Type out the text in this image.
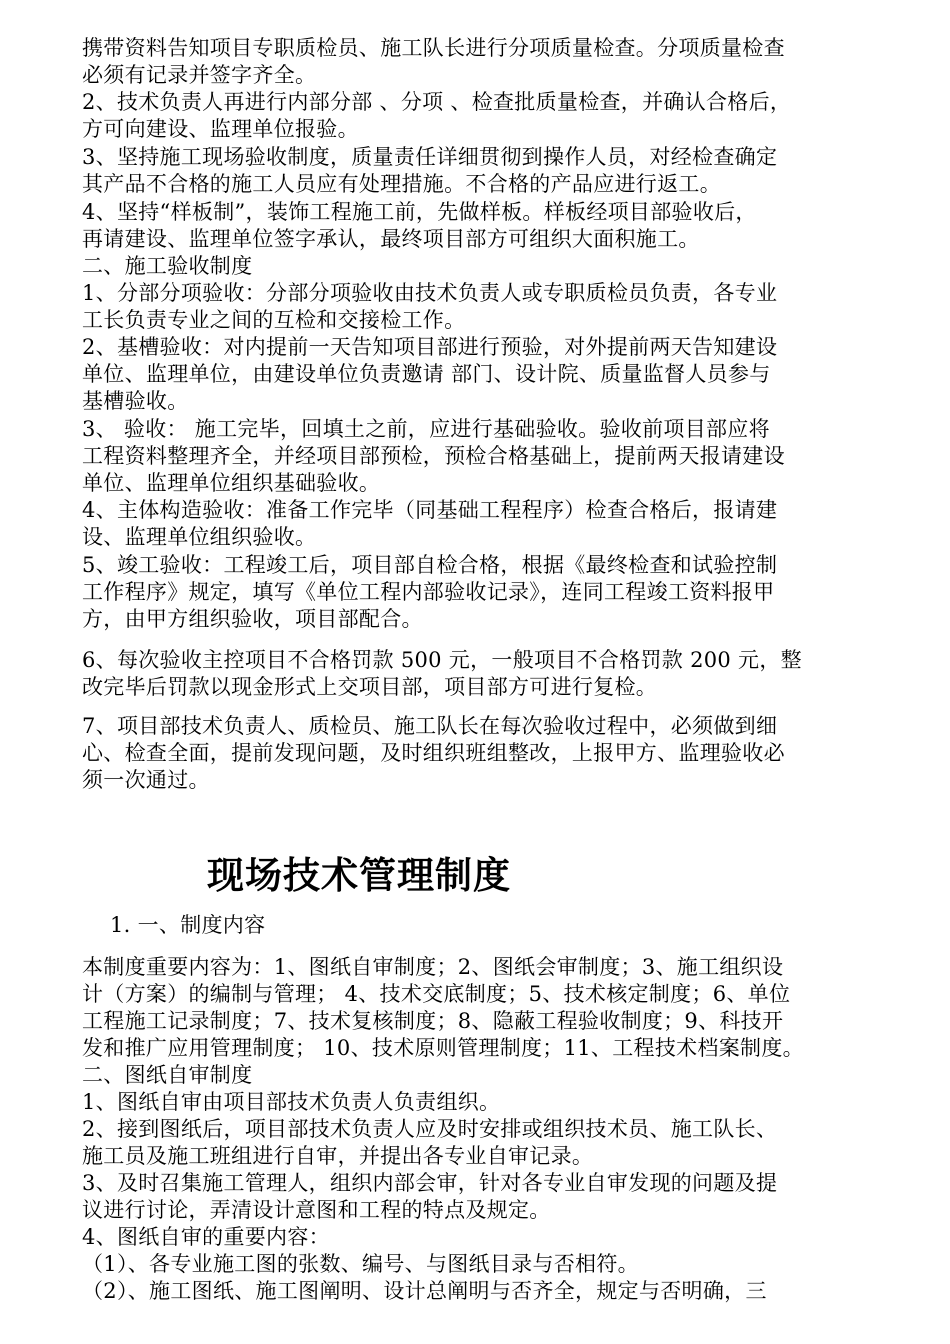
携带资料告知项目专职质检员、施工队长进行分项质量检查。分项质量检查
必须有记录并签字齐全。
2、技术负责人再进行内部分部 、分项 、检查批质量检查，并确认合格后，
方可向建设、监理单位报验。
3、坚持施工现场验收制度，质量责任详细贯彻到操作人员，对经检查确定
其产品不合格的施工人员应有处理措施。不合格的产品应进行返工。
4、坚持“样板制”，装饰工程施工前，先做样板。样板经项目部验收后，
再请建设、监理单位签字承认，最终项目部方可组织大面积施工。
二、施工验收制度
1、分部分项验收：分部分项验收由技术负责人或专职质检员负责，各专业
工长负责专业之间的互检和交接检工作。
2、基槽验收：对内提前一天告知项目部进行预验，对外提前两天告知建设
单位、监理单位，由建设单位负责邀请 部门、设计院、质量监督人员参与
基槽验收。
3、 验收： 施工完毕，回填土之前，应进行基础验收。验收前项目部应将
工程资料整理齐全，并经项目部预检，预检合格基础上，提前两天报请建设
单位、监理单位组织基础验收。
4、主体构造验收：准备工作完毕（同基础工程程序）检查合格后，报请建
设、监理单位组织验收。
5、竣工验收：工程竣工后，项目部自检合格，根据《最终检查和试验控制
工作程序》规定，填写《单位工程内部验收记录》，连同工程竣工资料报甲
方，由甲方组织验收，项目部配合。
6、每次验收主控项目不合格罚款 500 元，一般项目不合格罚款 200 元，整
改完毕后罚款以现金形式上交项目部，项目部方可进行复检。
7、项目部技术负责人、质检员、施工队长在每次验收过程中，必须做到细
心、检查全面，提前发现问题，及时组织班组整改，上报甲方、监理验收必
须一次通过。
现场技术管理制度
1. 一、制度内容
本制度重要内容为：1、图纸自审制度；2、图纸会审制度；3、施工组织设
计（方案）的编制与管理； 4、技术交底制度；5、技术核定制度；6、单位
工程施工记录制度；7、技术复核制度；8、隐蔽工程验收制度；9、科技开
发和推广应用管理制度； 10、技术原则管理制度；11、工程技术档案制度。
二、图纸自审制度
1、图纸自审由项目部技术负责人负责组织。
2、接到图纸后，项目部技术负责人应及时安排或组织技术员、施工队长、
施工员及施工班组进行自审，并提出各专业自审记录。
3、及时召集施工管理人，组织内部会审，针对各专业自审发现的问题及提
议进行讨论，弄清设计意图和工程的特点及规定。
4、图纸自审的重要内容：
（1）、各专业施工图的张数、编号、与图纸目录与否相符。
（2）、施工图纸、施工图阐明、设计总阐明与否齐全，规定与否明确，三
